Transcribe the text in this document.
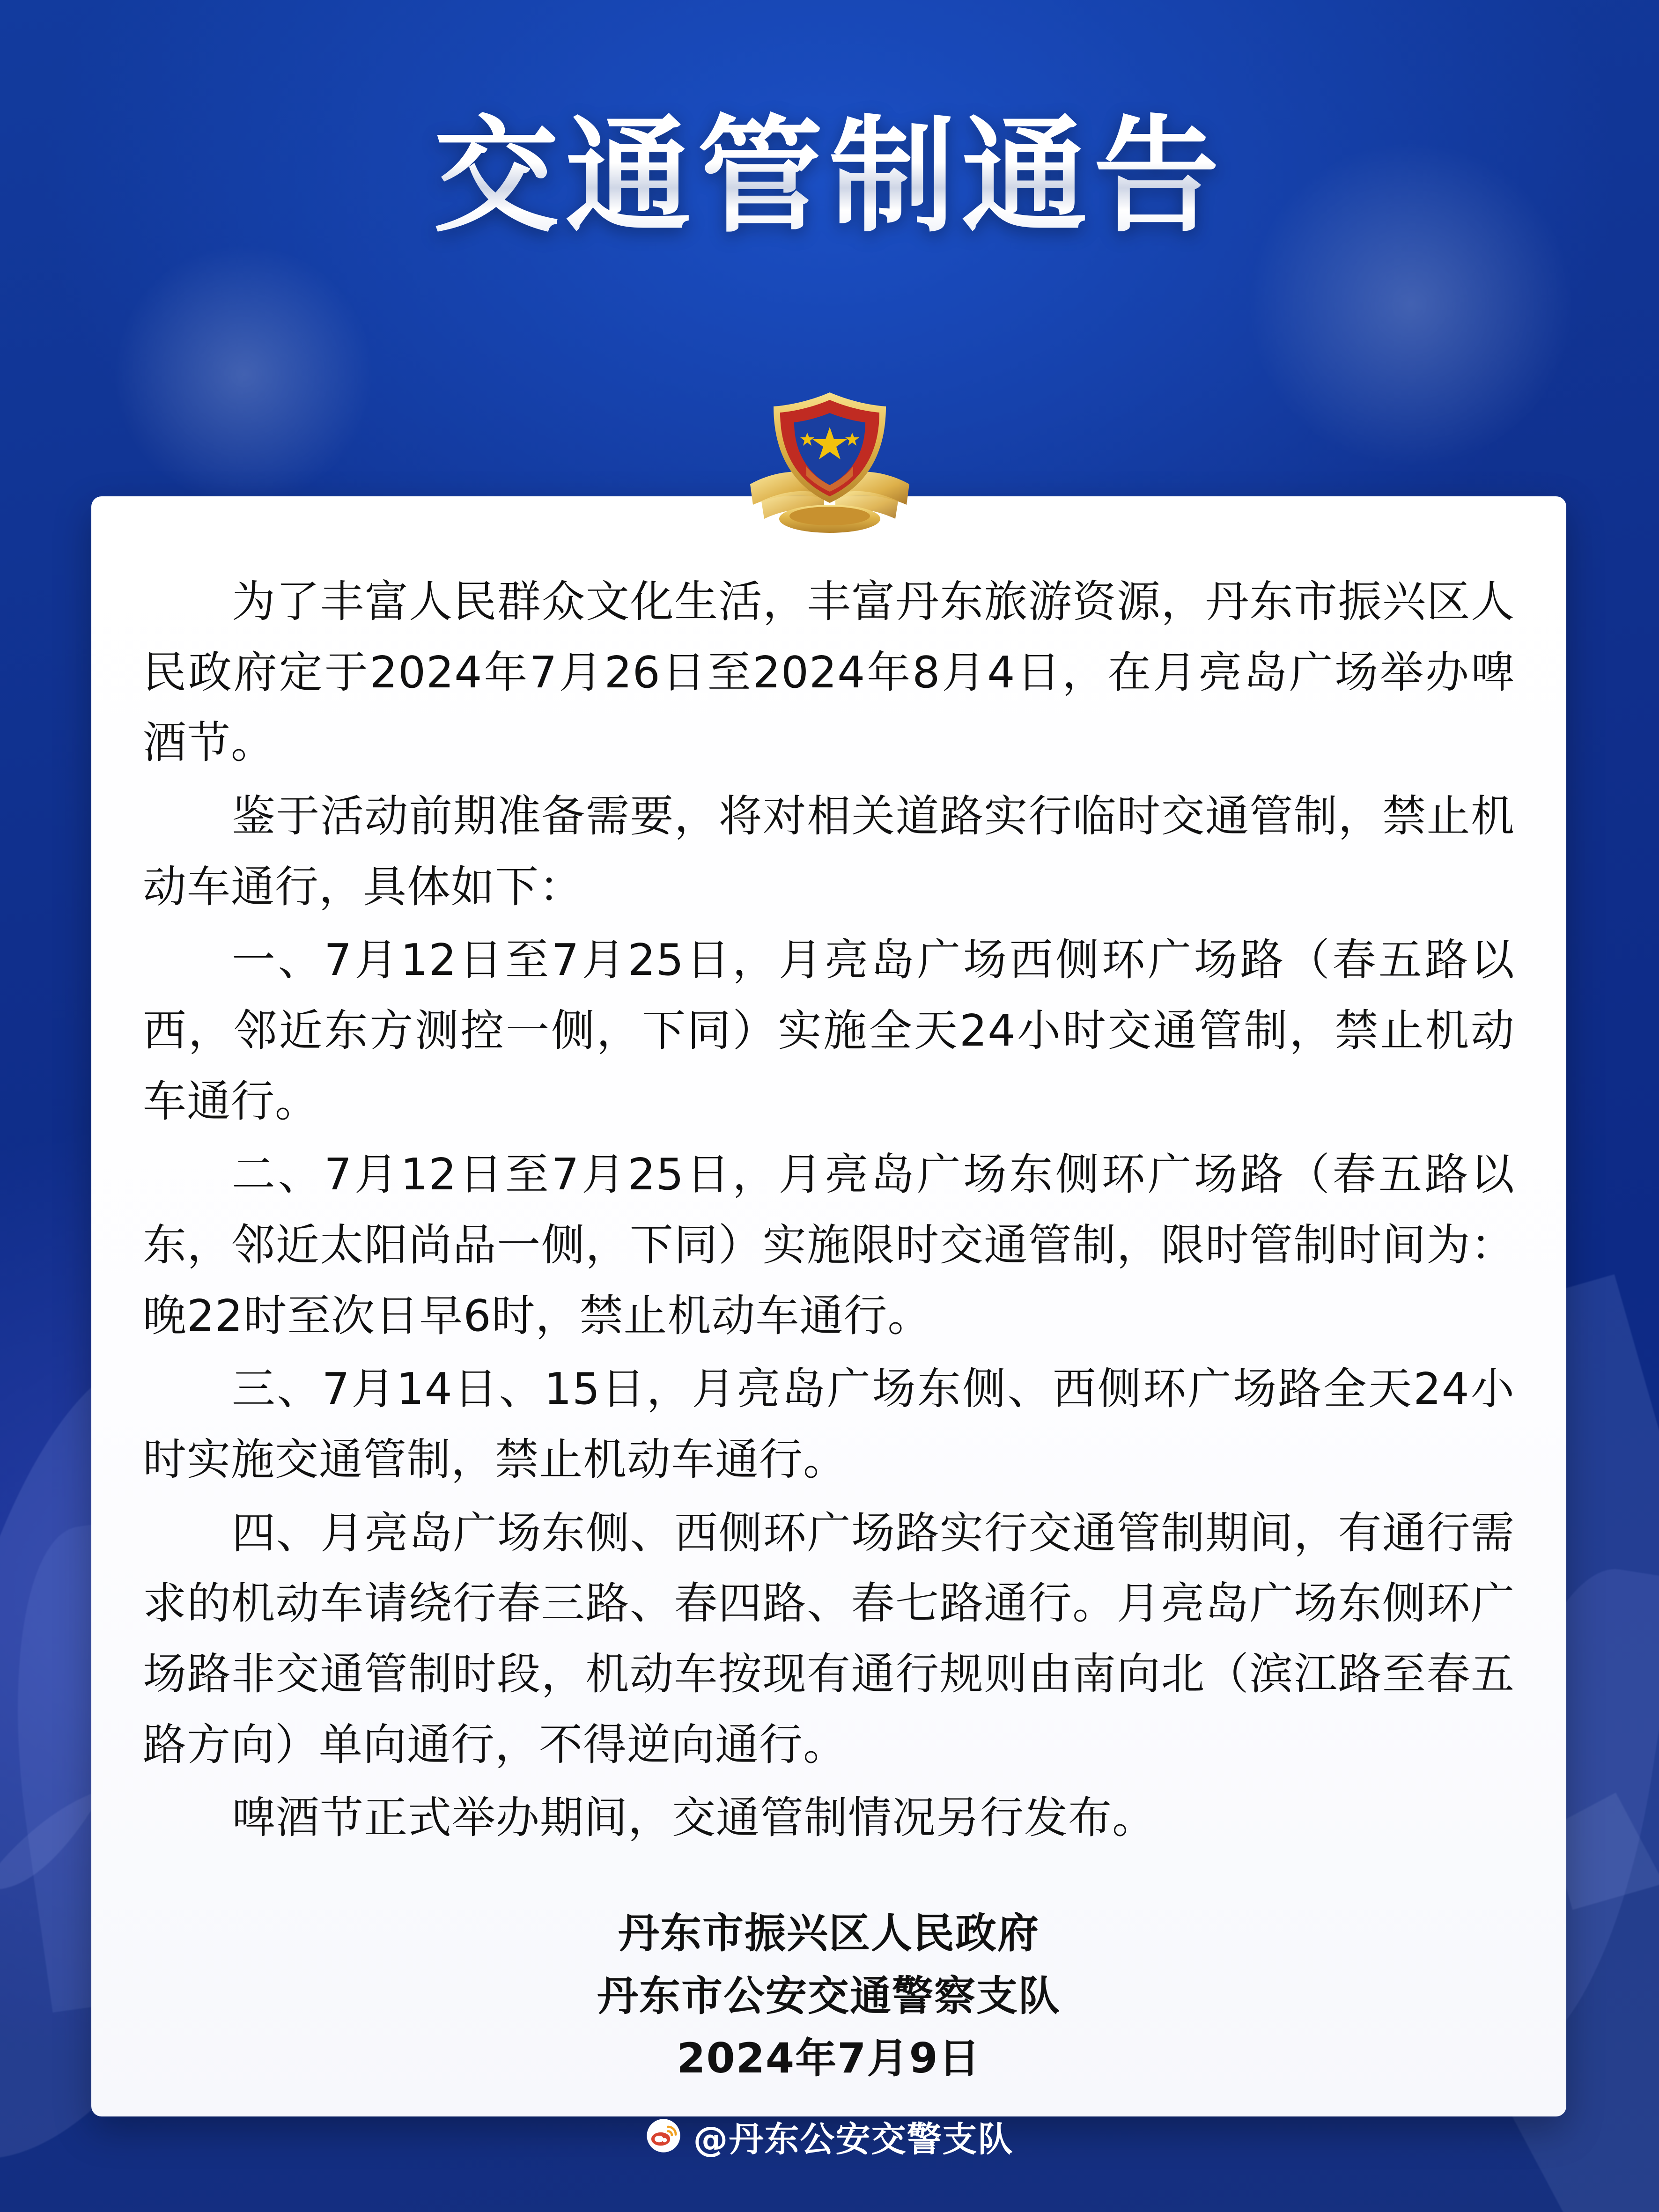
交通管制通告

为了丰富人民群众文化生活，丰富丹东旅游资源，丹东市振兴区人民政府定于2024年7月26日至2024年8月4日，在月亮岛广场举办啤酒节。

鉴于活动前期准备需要，将对相关道路实行临时交通管制，禁止机动车通行，具体如下：

一、7月12日至7月25日，月亮岛广场西侧环广场路（春五路以西，邻近东方测控一侧，下同）实施全天24小时交通管制，禁止机动车通行。

二、7月12日至7月25日，月亮岛广场东侧环广场路（春五路以东，邻近太阳尚品一侧，下同）实施限时交通管制，限时管制时间为：晚22时至次日早6时，禁止机动车通行。

三、7月14日、15日，月亮岛广场东侧、西侧环广场路全天24小时实施交通管制，禁止机动车通行。

四、月亮岛广场东侧、西侧环广场路实行交通管制期间，有通行需求的机动车请绕行春三路、春四路、春七路通行。月亮岛广场东侧环广场路非交通管制时段，机动车按现有通行规则由南向北（滨江路至春五路方向）单向通行，不得逆向通行。

啤酒节正式举办期间，交通管制情况另行发布。

丹东市振兴区人民政府
丹东市公安交通警察支队
2024年7月9日
@丹东公安交警支队
